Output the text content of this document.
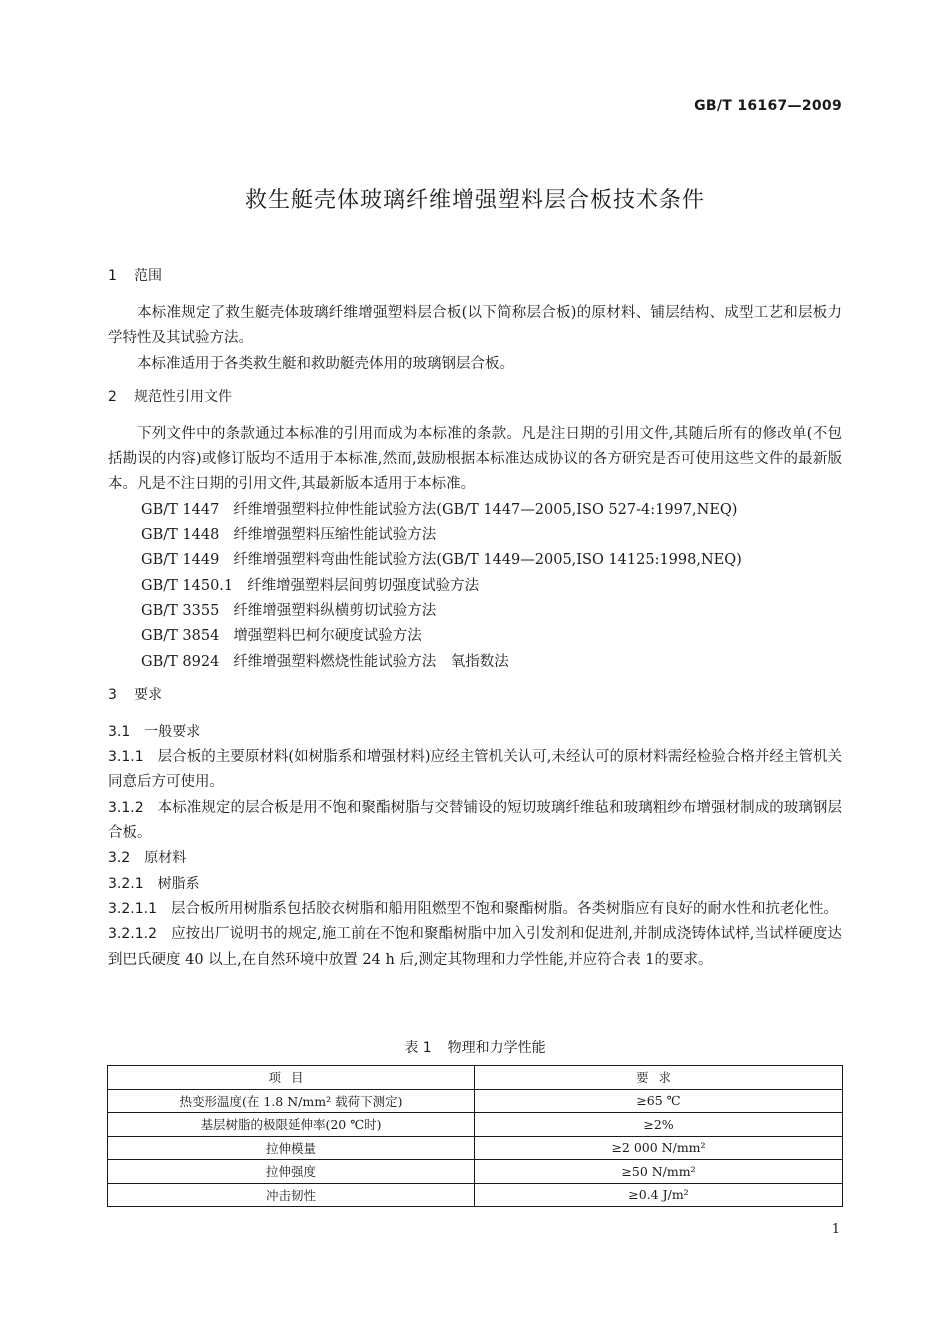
GB/T 16167—2009
救生艇壳体玻璃纤维增强塑料层合板技术条件
1 范围
本标准规定了救生艇壳体玻璃纤维增强塑料层合板(以下简称层合板)的原材料、铺层结构、成型工艺和层板力学特性及其试验方法。
本标准适用于各类救生艇和救助艇壳体用的玻璃钢层合板。
2 规范性引用文件
下列文件中的条款通过本标准的引用而成为本标准的条款。凡是注日期的引用文件,其随后所有的修改单(不包括勘误的内容)或修订版均不适用于本标准,然而,鼓励根据本标准达成协议的各方研究是否可使用这些文件的最新版本。凡是不注日期的引用文件,其最新版本适用于本标准。
GB/T 1447 纤维增强塑料拉伸性能试验方法(GB/T 1447—2005,ISO 527-4:1997,NEQ)
GB/T 1448 纤维增强塑料压缩性能试验方法
GB/T 1449 纤维增强塑料弯曲性能试验方法(GB/T 1449—2005,ISO 14125:1998,NEQ)
GB/T 1450.1 纤维增强塑料层间剪切强度试验方法
GB/T 3355 纤维增强塑料纵横剪切试验方法
GB/T 3854 增强塑料巴柯尔硬度试验方法
GB/T 8924 纤维增强塑料燃烧性能试验方法　氧指数法
3 要求
3.1 一般要求
3.1.1 层合板的主要原材料(如树脂系和增强材料)应经主管机关认可,未经认可的原材料需经检验合格并经主管机关同意后方可使用。
3.1.2 本标准规定的层合板是用不饱和聚酯树脂与交替铺设的短切玻璃纤维毡和玻璃粗纱布增强材制成的玻璃钢层合板。
3.2 原材料
3.2.1 树脂系
3.2.1.1 层合板所用树脂系包括胶衣树脂和船用阻燃型不饱和聚酯树脂。各类树脂应有良好的耐水性和抗老化性。
3.2.1.2 应按出厂说明书的规定,施工前在不饱和聚酯树脂中加入引发剂和促进剂,并制成浇铸体试样,当试样硬度达到巴氏硬度 40 以上,在自然环境中放置 24 h 后,测定其物理和力学性能,并应符合表 1的要求。
表 1 物理和力学性能
项目	要求
热变形温度(在 1.8 N/mm² 载荷下测定)	≥65 ℃
基层树脂的极限延伸率(20 ℃时)	≥2%
拉伸模量	≥2 000 N/mm²
拉伸强度	≥50 N/mm²
冲击韧性	≥0.4 J/m²
1
